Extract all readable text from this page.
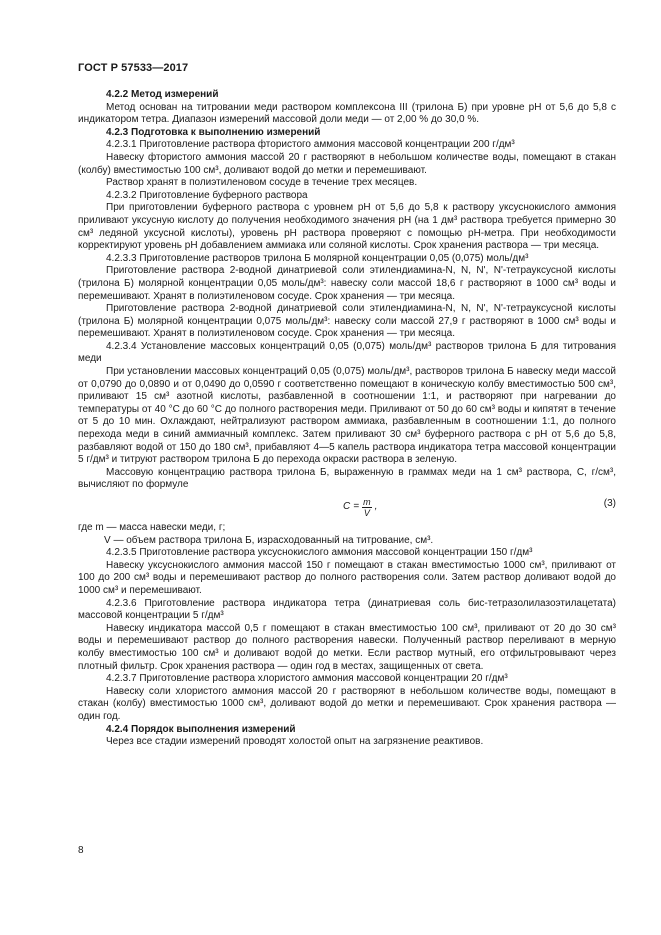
ГОСТ Р 57533—2017
4.2.2 Метод измерений
Метод основан на титровании меди раствором комплексона III (трилона Б) при уровне pH от 5,6 до 5,8 с индикатором тетра. Диапазон измерений массовой доли меди — от 2,00 % до 30,0 %.
4.2.3 Подготовка к выполнению измерений
4.2.3.1 Приготовление раствора фтористого аммония массовой концентрации 200 г/дм³
Навеску фтористого аммония массой 20 г растворяют в небольшом количестве воды, помещают в стакан (колбу) вместимостью 100 см³, доливают водой до метки и перемешивают.
Раствор хранят в полиэтиленовом сосуде в течение трех месяцев.
4.2.3.2 Приготовление буферного раствора
При приготовлении буферного раствора с уровнем pH от 5,6 до 5,8 к раствору уксуснокислого аммония приливают уксусную кислоту до получения необходимого значения pH (на 1 дм³ раствора требуется примерно 30 см³ ледяной уксусной кислоты), уровень pH раствора проверяют с помощью pH-метра. При необходимости корректируют уровень pH добавлением аммиака или соляной кислоты. Срок хранения раствора — три месяца.
4.2.3.3 Приготовление растворов трилона Б молярной концентрации 0,05 (0,075) моль/дм³
Приготовление раствора 2-водной динатриевой соли этилендиамина-N, N, N', N'-тетрауксусной кислоты (трилона Б) молярной концентрации 0,05 моль/дм³: навеску соли массой 18,6 г растворяют в 1000 см³ воды и перемешивают. Хранят в полиэтиленовом сосуде. Срок хранения — три месяца.
Приготовление раствора 2-водной динатриевой соли этилендиамина-N, N, N', N'-тетрауксусной кислоты (трилона Б) молярной концентрации 0,075 моль/дм³: навеску соли массой 27,9 г растворяют в 1000 см³ воды и перемешивают. Хранят в полиэтиленовом сосуде. Срок хранения — три месяца.
4.2.3.4 Установление массовых концентраций 0,05 (0,075) моль/дм³ растворов трилона Б для титрования меди
При установлении массовых концентраций 0,05 (0,075) моль/дм³, растворов трилона Б навеску меди массой от 0,0790 до 0,0890 и от 0,0490 до 0,0590 г соответственно помещают в коническую колбу вместимостью 500 см³, приливают 15 см³ азотной кислоты, разбавленной в соотношении 1:1, и растворяют при нагревании до температуры от 40 °С до 60 °С до полного растворения меди. Приливают от 50 до 60 см³ воды и кипятят в течение от 5 до 10 мин. Охлаждают, нейтрализуют раствором аммиака, разбавленным в соотношении 1:1, до полного перехода меди в синий аммиачный комплекс. Затем приливают 30 см³ буферного раствора с pH от 5,6 до 5,8, разбавляют водой от 150 до 180 см³, прибавляют 4—5 капель раствора индикатора тетра массовой концентрации 5 г/дм³ и титруют раствором трилона Б до перехода окраски раствора в зеленую.
Массовую концентрацию раствора трилона Б, выраженную в граммах меди на 1 см³ раствора, C, г/см³, вычисляют по формуле
$C = \frac{m}{V}$ ,	(3)
где m — масса навески меди, г;
V — объем раствора трилона Б, израсходованный на титрование, см³.
4.2.3.5 Приготовление раствора уксуснокислого аммония массовой концентрации 150 г/дм³
Навеску уксуснокислого аммония массой 150 г помещают в стакан вместимостью 1000 см³, приливают от 100 до 200 см³ воды и перемешивают раствор до полного растворения соли. Затем раствор доливают водой до 1000 см³ и перемешивают.
4.2.3.6 Приготовление раствора индикатора тетра (динатриевая соль бис-тетразолилазоэтилацетата) массовой концентрации 5 г/дм³
Навеску индикатора массой 0,5 г помещают в стакан вместимостью 100 см³, приливают от 20 до 30 см³ воды и перемешивают раствор до полного растворения навески. Полученный раствор переливают в мерную колбу вместимостью 100 см³ и доливают водой до метки. Если раствор мутный, его отфильтровывают через плотный фильтр. Срок хранения раствора — один год в местах, защищенных от света.
4.2.3.7 Приготовление раствора хлористого аммония массовой концентрации 20 г/дм³
Навеску соли хлористого аммония массой 20 г растворяют в небольшом количестве воды, помещают в стакан (колбу) вместимостью 1000 см³, доливают водой до метки и перемешивают. Срок хранения раствора — один год.
4.2.4 Порядок выполнения измерений
Через все стадии измерений проводят холостой опыт на загрязнение реактивов.
8
